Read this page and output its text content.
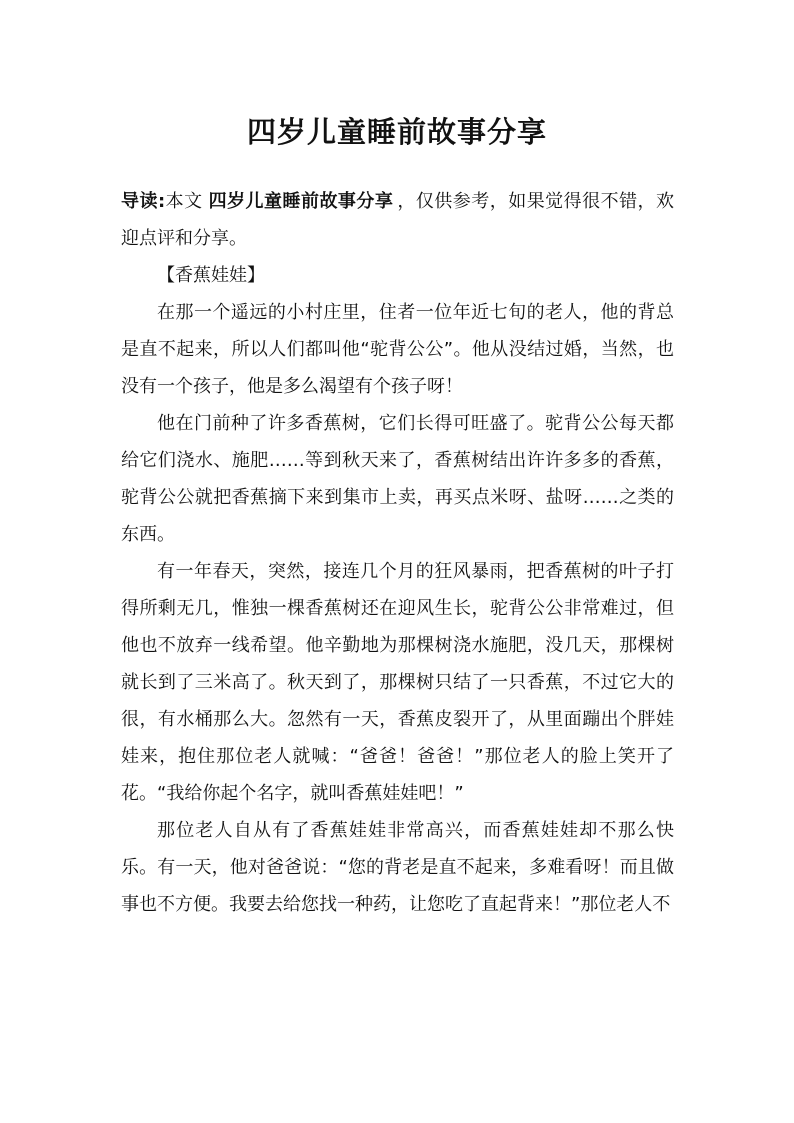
四岁儿童睡前故事分享

导读:本文 四岁儿童睡前故事分享 ，仅供参考，如果觉得很不错，欢迎点评和分享。

【香蕉娃娃】

在那一个遥远的小村庄里，住者一位年近七旬的老人，他的背总是直不起来，所以人们都叫他“驼背公公”。他从没结过婚，当然，也没有一个孩子，他是多么渴望有个孩子呀！

他在门前种了许多香蕉树，它们长得可旺盛了。驼背公公每天都给它们浇水、施肥……等到秋天来了，香蕉树结出许许多多的香蕉，驼背公公就把香蕉摘下来到集市上卖，再买点米呀、盐呀……之类的东西。

有一年春天，突然，接连几个月的狂风暴雨，把香蕉树的叶子打得所剩无几，惟独一棵香蕉树还在迎风生长，驼背公公非常难过，但他也不放弃一线希望。他辛勤地为那棵树浇水施肥，没几天，那棵树就长到了三米高了。秋天到了，那棵树只结了一只香蕉，不过它大的很，有水桶那么大。忽然有一天，香蕉皮裂开了，从里面蹦出个胖娃娃来，抱住那位老人就喊：“爸爸！爸爸！”那位老人的脸上笑开了花。“我给你起个名字，就叫香蕉娃娃吧！”

那位老人自从有了香蕉娃娃非常高兴，而香蕉娃娃却不那么快乐。有一天，他对爸爸说：“您的背老是直不起来，多难看呀！而且做事也不方便。我要去给您找一种药，让您吃了直起背来！”那位老人不
